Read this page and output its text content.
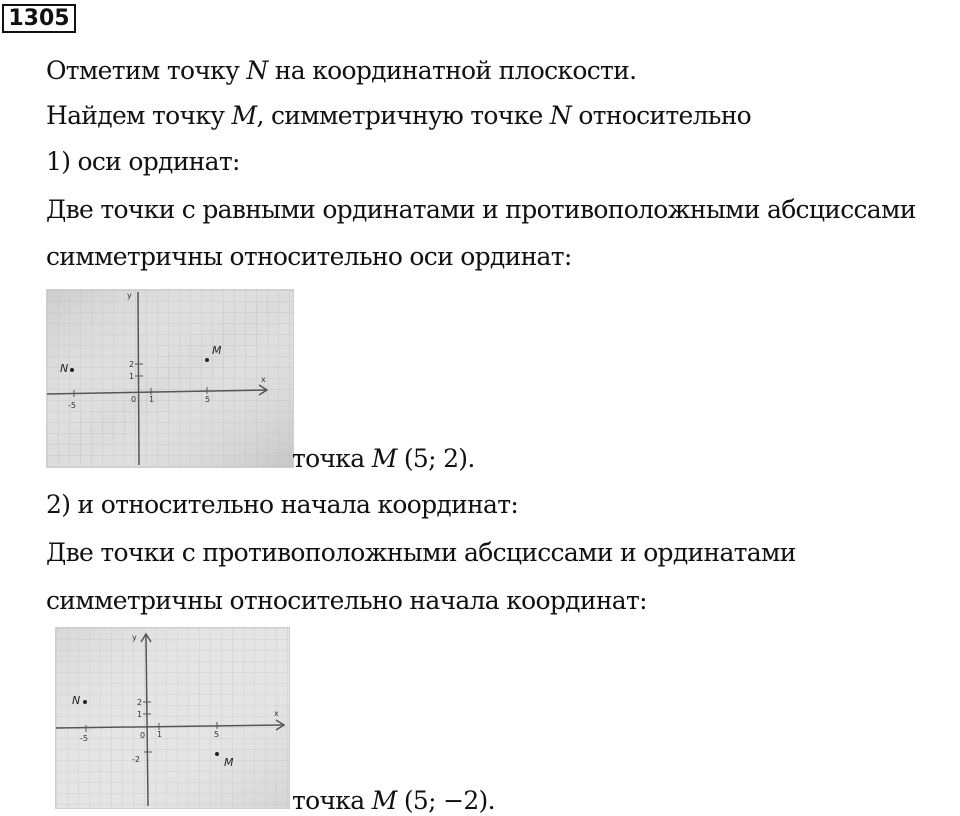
1305
Отметим точку N на координатной плоскости.
Найдем точку M, симметричную точке N относительно
1) оси ординат:
Две точки с равными ординатами и противоположными абсциссами
симметричны относительно оси ординат:
y
x
-5
0 1	5
1
2
N
M
точка M (5; 2).
2) и относительно начала координат:
Две точки с противоположными абсциссами и ординатами
симметричны относительно начала координат:
y
x
-5	0 1	5
1
2
-2
N
M
точка M (5; −2).
